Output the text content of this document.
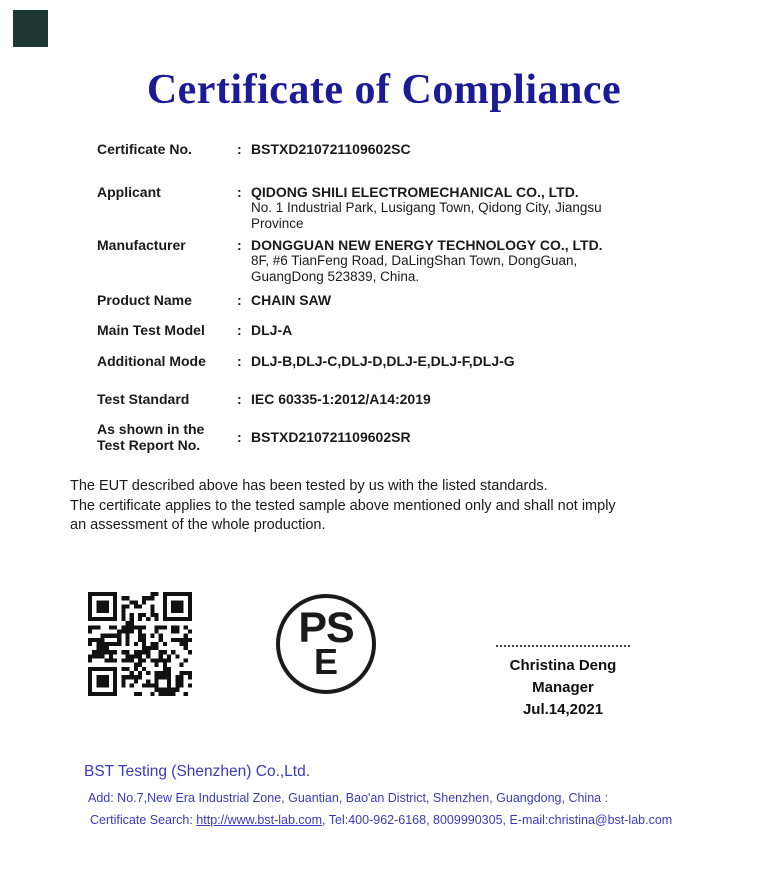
Certificate of Compliance
Certificate No.	: BSTXD210721109602SC
Applicant	: QIDONG SHILI ELECTROMECHANICAL CO., LTD.
No. 1 Industrial Park, Lusigang Town, Qidong City, Jiangsu
Province
Manufacturer	: DONGGUAN NEW ENERGY TECHNOLOGY CO., LTD.
8F, #6 TianFeng Road, DaLingShan Town, DongGuan,
GuangDong 523839, China.
Product Name	: CHAIN SAW
Main Test Model	: DLJ-A
Additional Mode	: DLJ-B,DLJ-C,DLJ-D,DLJ-E,DLJ-F,DLJ-G
Test Standard	: IEC 60335-1:2012/A14:2019
As shown in the
Test Report No.	: BSTXD210721109602SR
The EUT described above has been tested by us with the listed standards.
The certificate applies to the tested sample above mentioned only and shall not imply
an assessment of the whole production.
PS
E	Christina Deng
Manager
Jul.14,2021
BST Testing (Shenzhen) Co.,Ltd.
Add: No.7,New Era Industrial Zone, Guantian, Bao'an District, Shenzhen, Guangdong, China :
Certificate Search: http://www.bst-lab.com, Tel:400-962-6168, 8009990305, E-mail:christina@bst-lab.com
